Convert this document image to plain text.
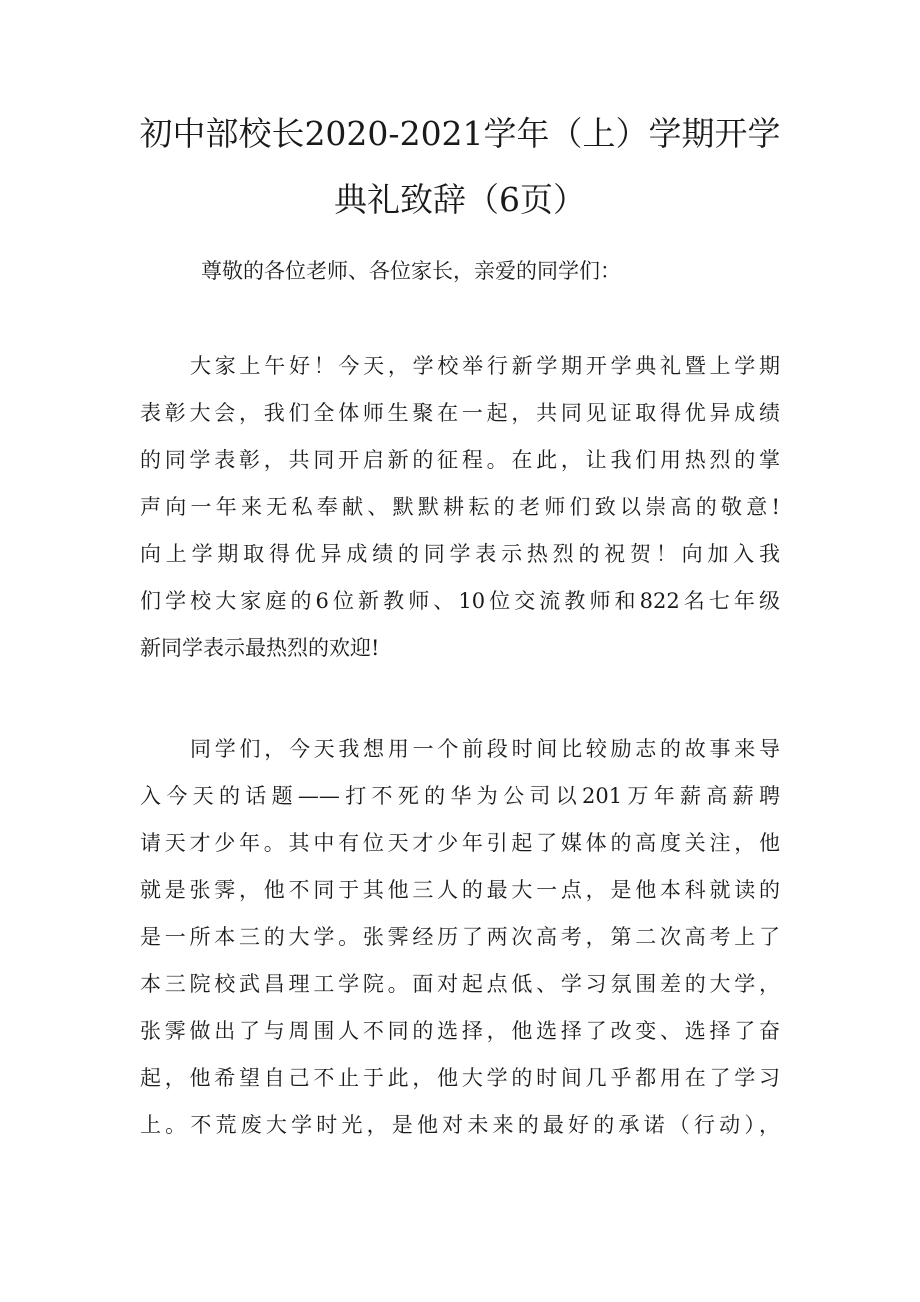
初中部校长2020-2021学年（上）学期开学
典礼致辞（6页）
尊敬的各位老师、各位家长，亲爱的同学们：
大家上午好！今天，学校举行新学期开学典礼暨上学期
表彰大会，我们全体师生聚在一起，共同见证取得优异成绩
的同学表彰，共同开启新的征程。在此，让我们用热烈的掌
声向一年来无私奉献、默默耕耘的老师们致以崇高的敬意!
向上学期取得优异成绩的同学表示热烈的祝贺！向加入我
们学校大家庭的6位新教师、10位交流教师和822名七年级
新同学表示最热烈的欢迎!
同学们，今天我想用一个前段时间比较励志的故事来导
入今天的话题——打不死的华为公司以201万年薪高薪聘
请天才少年。其中有位天才少年引起了媒体的高度关注，他
就是张霁，他不同于其他三人的最大一点，是他本科就读的
是一所本三的大学。张霁经历了两次高考，第二次高考上了
本三院校武昌理工学院。面对起点低、学习氛围差的大学，
张霁做出了与周围人不同的选择，他选择了改变、选择了奋
起，他希望自己不止于此，他大学的时间几乎都用在了学习
上。不荒废大学时光，是他对未来的最好的承诺（行动），
